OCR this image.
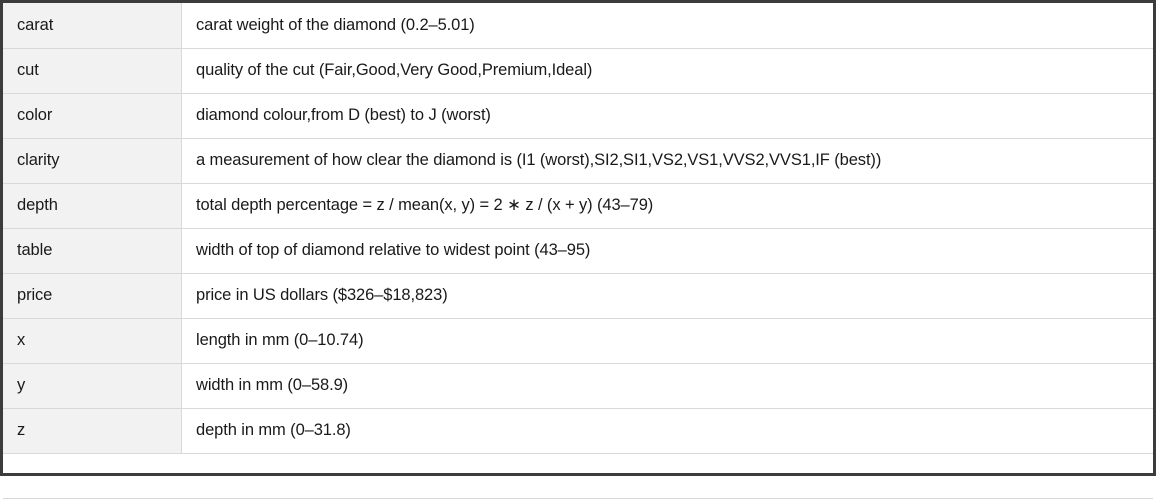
carat	carat weight of the diamond (0.2–5.01)
cut	quality of the cut (Fair,Good,Very Good,Premium,Ideal)
color	diamond colour,from D (best) to J (worst)
clarity	a measurement of how clear the diamond is (I1 (worst),SI2,SI1,VS2,VS1,VVS2,VVS1,IF (best))
depth	total depth percentage = z / mean(x, y) = 2 ∗ z / (x + y) (43–79)
table	width of top of diamond relative to widest point (43–95)
price	price in US dollars ($326–$18,823)
x	length in mm (0–10.74)
y	width in mm (0–58.9)
z	depth in mm (0–31.8)
